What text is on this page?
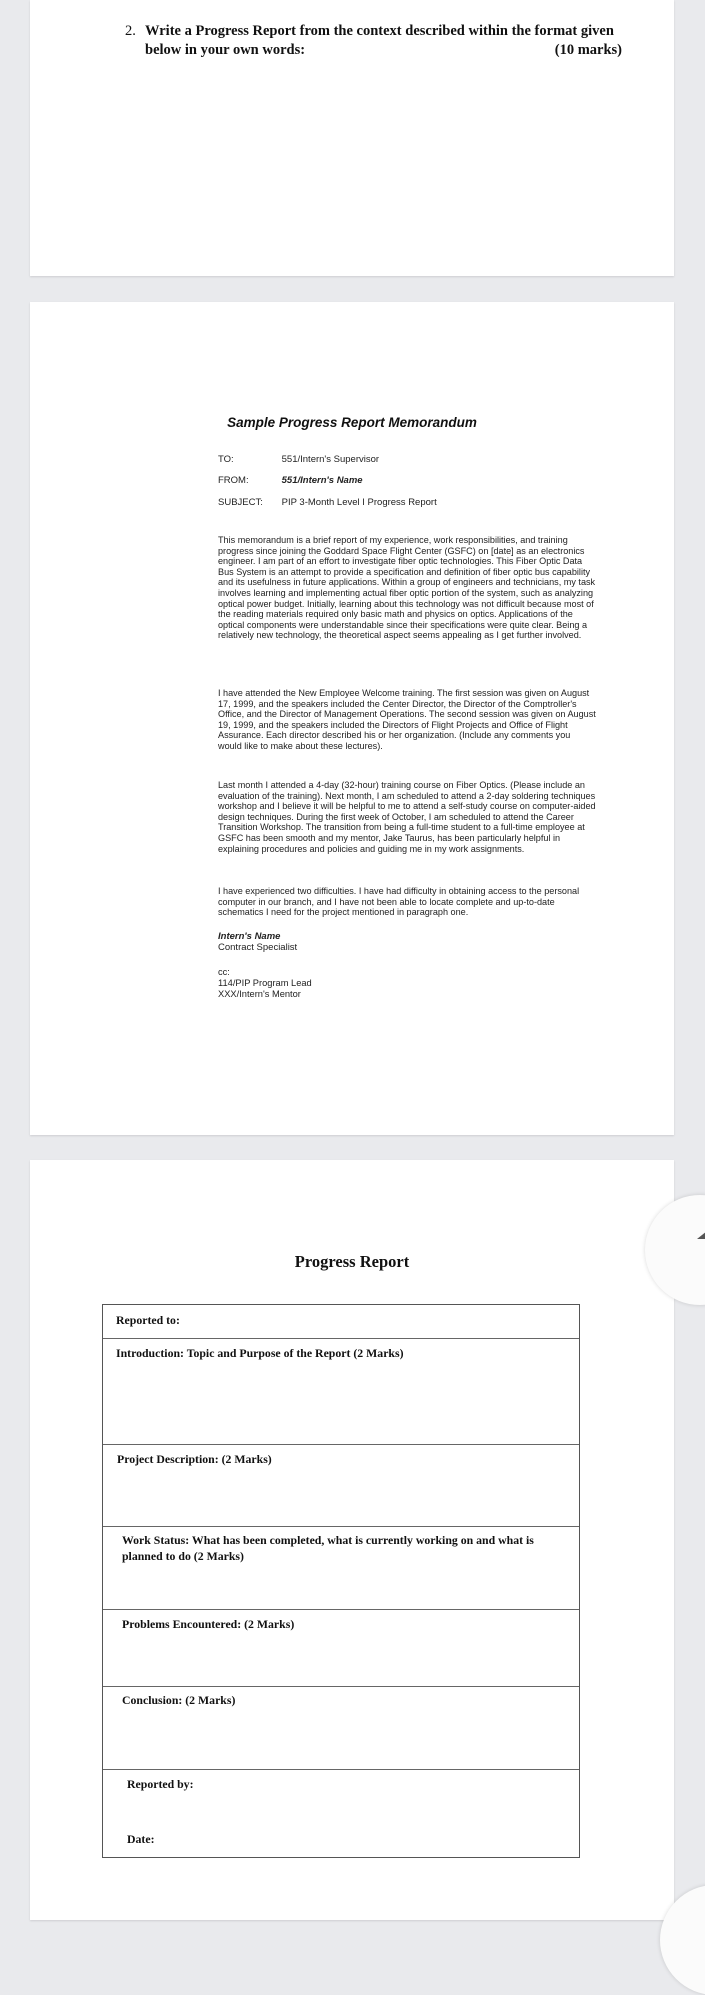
2. Write a Progress Report from the context described within the format given
below in your own words:	(10 marks)
Sample Progress Report Memorandum
TO:	551/Intern's Supervisor
FROM:	551/Intern's Name
SUBJECT: PIP 3-Month Level I Progress Report

This memorandum is a brief report of my experience, work responsibilities, and training progress since joining the Goddard Space Flight Center (GSFC) on [date] as an electronics engineer. I am part of an effort to investigate fiber optic technologies. This Fiber Optic Data Bus System is an attempt to provide a specification and definition of fiber optic bus capability and its usefulness in future applications. Within a group of engineers and technicians, my task involves learning and implementing actual fiber optic portion of the system, such as analyzing optical power budget. Initially, learning about this technology was not difficult because most of the reading materials required only basic math and physics on optics. Applications of the optical components were understandable since their specifications were quite clear. Being a relatively new technology, the theoretical aspect seems appealing as I get further involved.

I have attended the New Employee Welcome training. The first session was given on August 17, 1999, and the speakers included the Center Director, the Director of the Comptroller's Office, and the Director of Management Operations. The second session was given on August 19, 1999, and the speakers included the Directors of Flight Projects and Office of Flight Assurance. Each director described his or her organization. (Include any comments you would like to make about these lectures).

Last month I attended a 4-day (32-hour) training course on Fiber Optics. (Please include an evaluation of the training). Next month, I am scheduled to attend a 2-day soldering techniques workshop and I believe it will be helpful to me to attend a self-study course on computer-aided design techniques. During the first week of October, I am scheduled to attend the Career Transition Workshop. The transition from being a full-time student to a full-time employee at GSFC has been smooth and my mentor, Jake Taurus, has been particularly helpful in explaining procedures and policies and guiding me in my work assignments.

I have experienced two difficulties. I have had difficulty in obtaining access to the personal computer in our branch, and I have not been able to locate complete and up-to-date schematics I need for the project mentioned in paragraph one.

Intern's Name
Contract Specialist
cc:
114/PIP Program Lead
XXX/Intern's Mentor
Progress Report
Reported to:
Introduction: Topic and Purpose of the Report (2 Marks)
Project Description: (2 Marks)
Work Status: What has been completed, what is currently working on and what is planned to do (2 Marks)
Problems Encountered: (2 Marks)
Conclusion: (2 Marks)
Reported by:
Date:
